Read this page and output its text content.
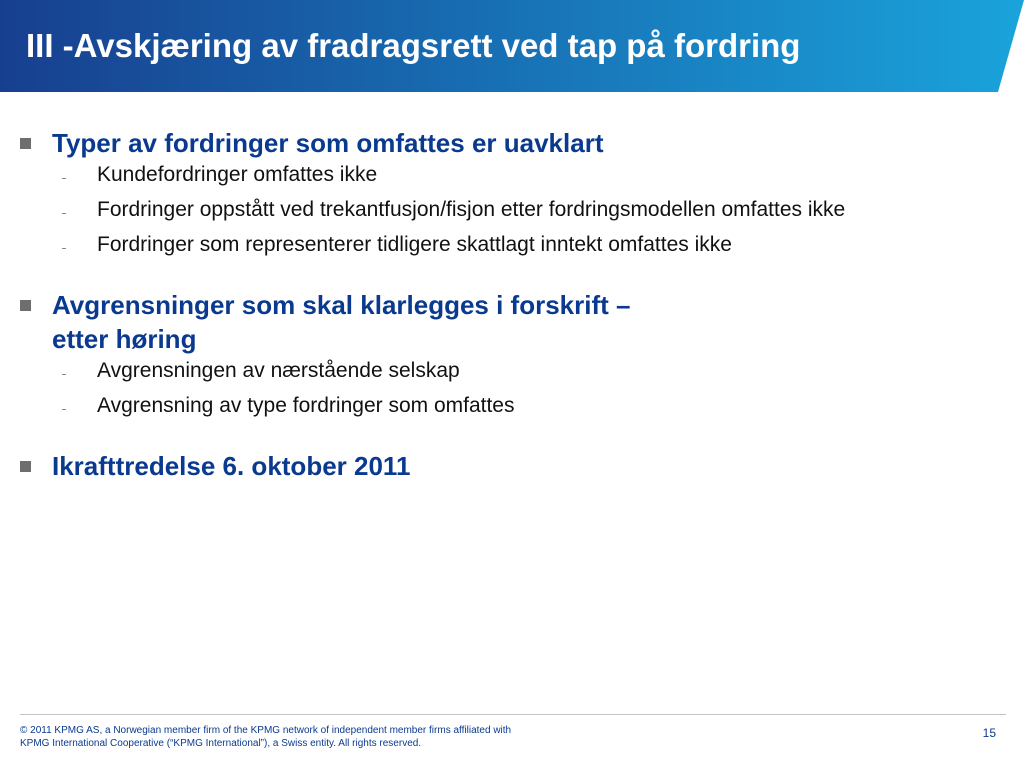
III -Avskjæring av fradragsrett ved tap på fordring
Typer av fordringer som omfattes er uavklart
Kundefordringer omfattes ikke
Fordringer oppstått ved trekantfusjon/fisjon etter fordringsmodellen omfattes ikke
Fordringer som representerer tidligere skattlagt inntekt omfattes ikke
Avgrensninger som skal klarlegges i forskrift –
etter høring
Avgrensningen av nærstående selskap
Avgrensning av type fordringer som omfattes
Ikrafttredelse 6. oktober 2011
© 2011 KPMG AS, a Norwegian member firm of the KPMG network of independent member firms affiliated with
KPMG International Cooperative (“KPMG International”), a Swiss entity. All rights reserved.
15
